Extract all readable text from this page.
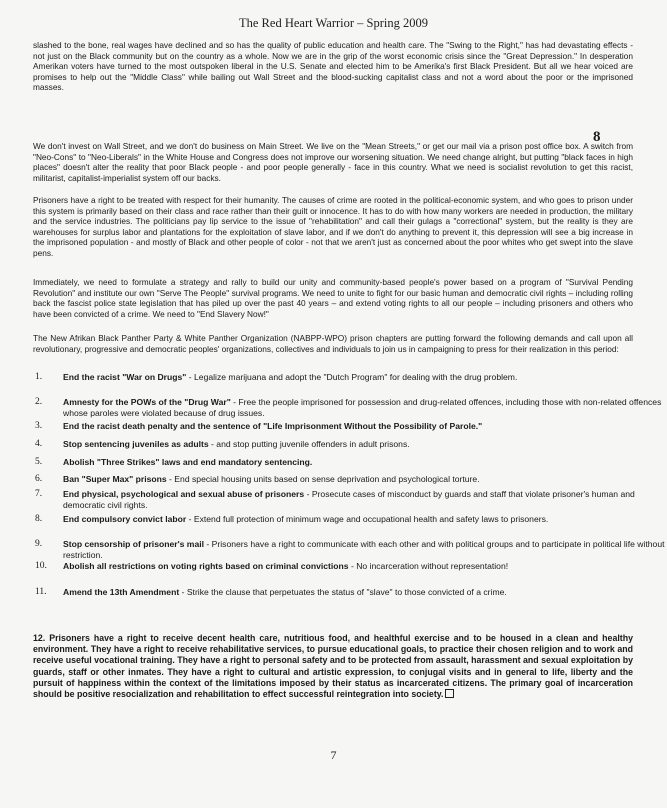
The Red Heart Warrior – Spring 2009
slashed to the bone, real wages have declined and so has the quality of public education and health care. The "Swing to the Right," has had devastating effects - not just on the Black community but on the country as a whole. Now we are in the grip of the worst economic crisis since the "Great Depression." In desperation Amerikan voters have turned to the most outspoken liberal in the U.S. Senate and elected him to be Amerika's first Black President. But all we hear voiced are promises to help out the "Middle Class" while bailing out Wall Street and the blood-sucking capitalist class and not a word about the poor or the imprisoned masses.
8
We don't invest on Wall Street, and we don't do business on Main Street. We live on the "Mean Streets," or get our mail via a prison post office box. A switch from "Neo-Cons" to "Neo-Liberals" in the White House and Congress does not improve our worsening situation. We need change alright, but putting "black faces in high places" doesn't alter the reality that poor Black people - and poor people generally - face in this country. What we need is socialist revolution to get this racist, militarist, capitalist-imperialist system off our backs.
Prisoners have a right to be treated with respect for their humanity. The causes of crime are rooted in the political-economic system, and who goes to prison under this system is primarily based on their class and race rather than their guilt or innocence. It has to do with how many workers are needed in production, the military and the service industries. The politicians pay lip service to the issue of "rehabilitation" and call their gulags a "correctional" system, but the reality is they are warehouses for surplus labor and plantations for the exploitation of slave labor, and if we don't do anything to prevent it, this depression will see a big increase in the imprisoned population - and mostly of Black and other people of color - not that we aren't just as concerned about the poor whites who get swept into the slave pens.
Immediately, we need to formulate a strategy and rally to build our unity and community-based people's power based on a program of "Survival Pending Revolution" and institute our own "Serve The People" survival programs. We need to unite to fight for our basic human and democratic civil rights – including rolling back the fascist police state legislation that has piled up over the past 40 years – and extend voting rights to all our people – including prisoners and others who have been convicted of a crime. We need to "End Slavery Now!"
The New Afrikan Black Panther Party & White Panther Organization (NABPP-WPO) prison chapters are putting forward the following demands and call upon all revolutionary, progressive and democratic peoples' organizations, collectives and individuals to join us in campaigning to press for their realization in this period:
1. End the racist "War on Drugs" - Legalize marijuana and adopt the "Dutch Program" for dealing with the drug problem.
2. Amnesty for the POWs of the "Drug War" - Free the people imprisoned for possession and drug-related offences, including those with non-related offences whose paroles were violated because of drug issues.
3. End the racist death penalty and the sentence of "Life Imprisonment Without the Possibility of Parole."
4. Stop sentencing juveniles as adults - and stop putting juvenile offenders in adult prisons.
5. Abolish "Three Strikes" laws and end mandatory sentencing.
6. Ban "Super Max" prisons - End special housing units based on sense deprivation and psychological torture.
7. End physical, psychological and sexual abuse of prisoners - Prosecute cases of misconduct by guards and staff that violate prisoner's human and democratic civil rights.
8. End compulsory convict labor - Extend full protection of minimum wage and occupational health and safety laws to prisoners.
9. Stop censorship of prisoner's mail - Prisoners have a right to communicate with each other and with political groups and to participate in political life without restriction.
10. Abolish all restrictions on voting rights based on criminal convictions - No incarceration without representation!
11. Amend the 13th Amendment - Strike the clause that perpetuates the status of "slave" to those convicted of a crime.
12. Prisoners have a right to receive decent health care, nutritious food, and healthful exercise and to be housed in a clean and healthy environment. They have a right to receive rehabilitative services, to pursue educational goals, to practice their chosen religion and to work and receive useful vocational training. They have a right to personal safety and to be protected from assault, harassment and sexual exploitation by guards, staff or other inmates. They have a right to cultural and artistic expression, to conjugal visits and in general to life, liberty and the pursuit of happiness within the context of the limitations imposed by their status as incarcerated citizens. The primary goal of incarceration should be positive resocialization and rehabilitation to effect successful reintegration into society.
7
